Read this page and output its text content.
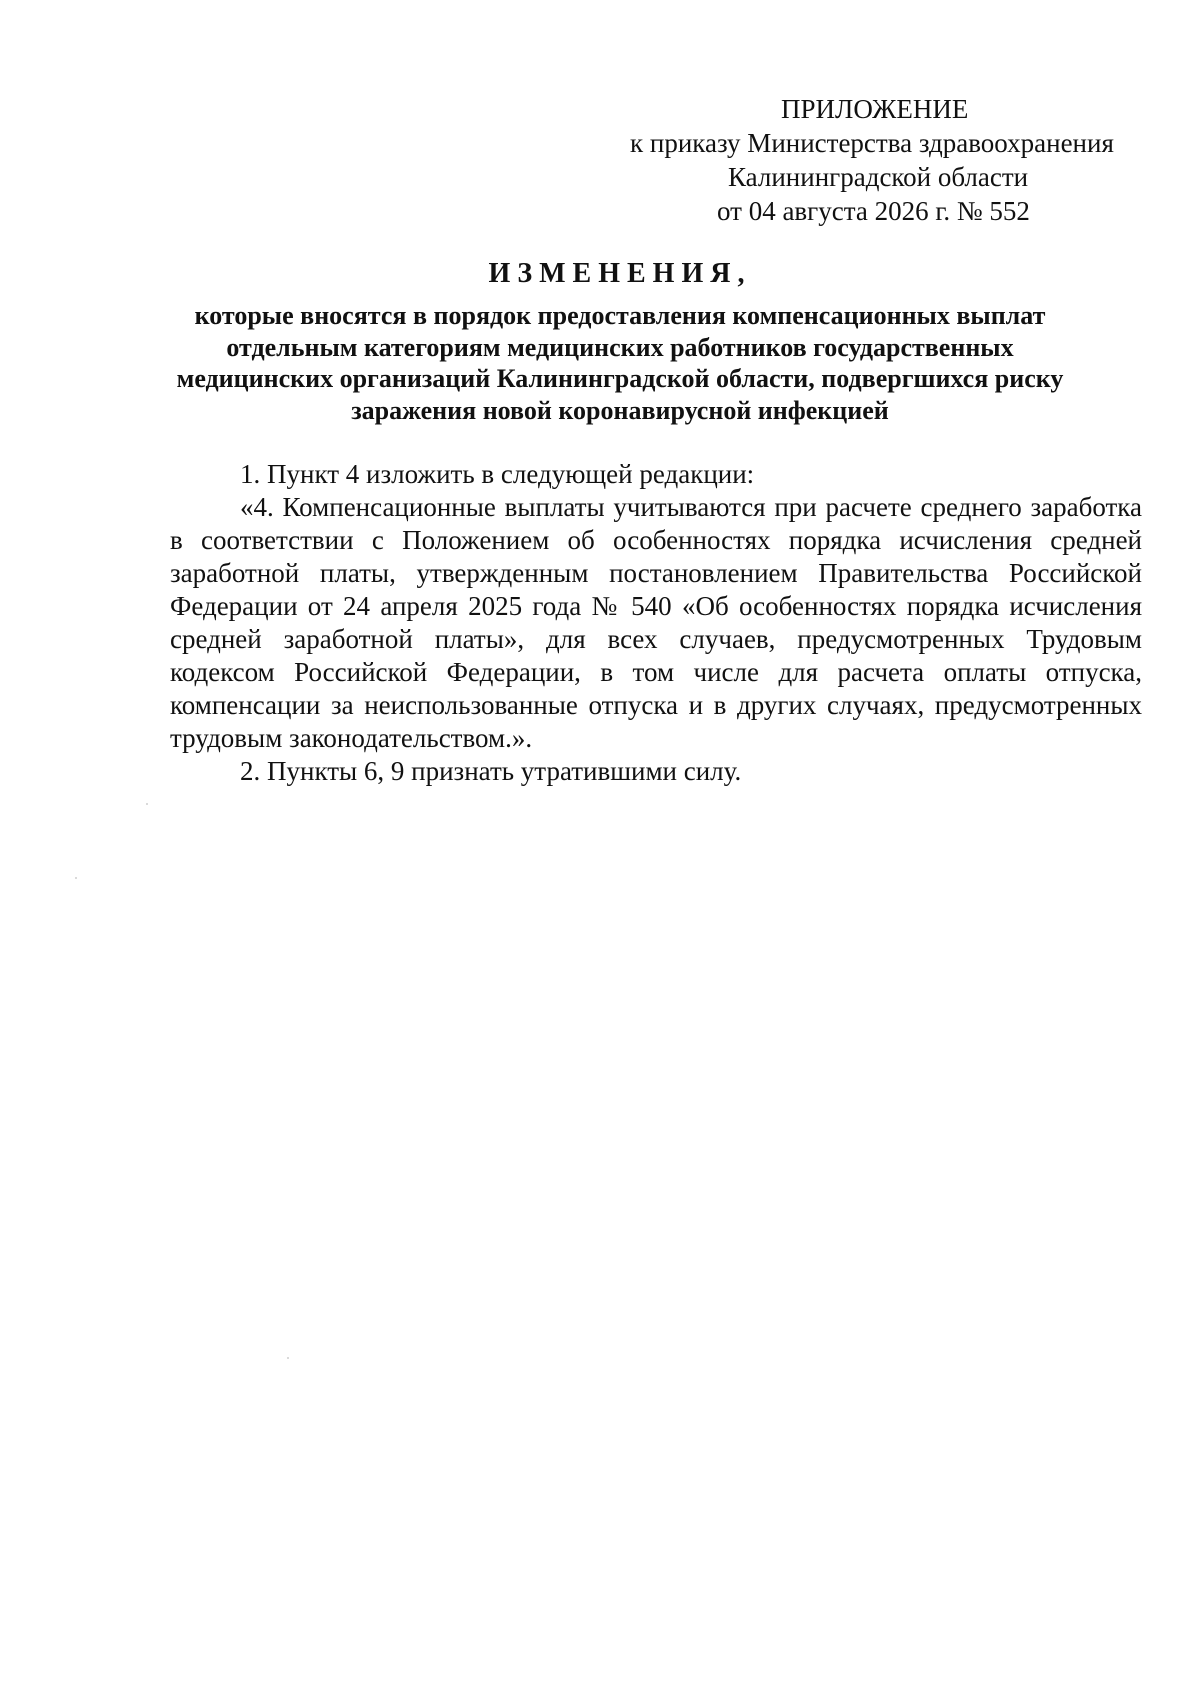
ПРИЛОЖЕНИЕ
к приказу Министерства здравоохранения
Калининградской области
от 04 августа 2026 г. № 552
ИЗМЕНЕНИЯ,

которые вносятся в порядок предоставления компенсационных выплат отдельным категориям медицинских работников государственных медицинских организаций Калининградской области, подвергшихся риску заражения новой коронавирусной инфекцией

1. Пункт 4 изложить в следующей редакции:

«4. Компенсационные выплаты учитываются при расчете среднего заработка в соответствии с Положением об особенностях порядка исчисления средней заработной платы, утвержденным постановлением Правительства Российской Федерации от 24 апреля 2025 года № 540 «Об особенностях порядка исчисления средней заработной платы», для всех случаев, предусмотренных Трудовым кодексом Российской Федерации, в том числе для расчета оплаты отпуска, компенсации за неиспользованные отпуска и в других случаях, предусмотренных трудовым законодательством.».

2. Пункты 6, 9 признать утратившими силу.
